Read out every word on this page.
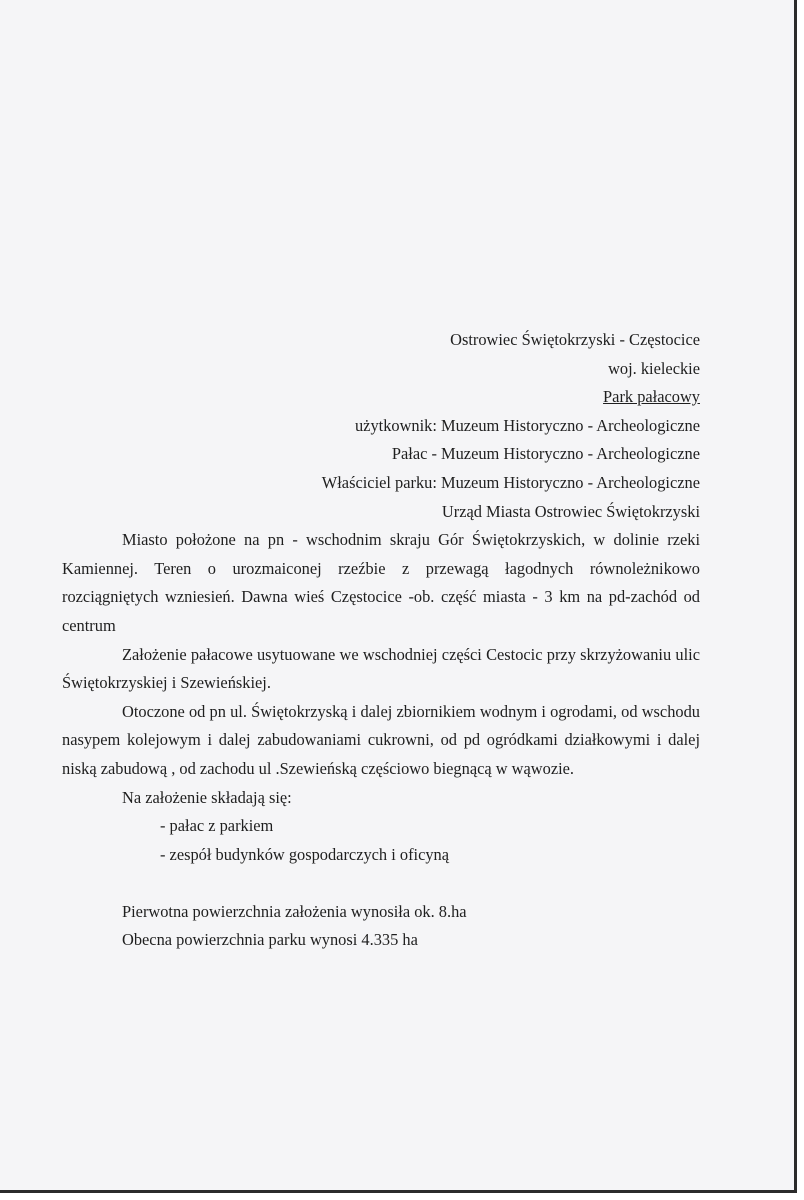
Ostrowiec Świętokrzyski - Częstocice
woj. kieleckie
Park pałacowy
użytkownik: Muzeum Historyczno - Archeologiczne
Pałac - Muzeum Historyczno - Archeologiczne
Właściciel parku: Muzeum Historyczno - Archeologiczne
Urząd Miasta Ostrowiec Świętokrzyski

Miasto położone na pn - wschodnim skraju Gór Świętokrzyskich, w dolinie rzeki Kamiennej. Teren o urozmaiconej rzeźbie z przewagą łagodnych równoleżnikowo rozciągniętych wzniesień. Dawna wieś Częstocice -ob. część miasta - 3 km na pd-zachód od centrum

Założenie pałacowe usytuowane we wschodniej części Cestocic przy skrzyżowaniu ulic Świętokrzyskiej i Szewieńskiej.

Otoczone od pn ul. Świętokrzyską i dalej zbiornikiem wodnym i ogrodami, od wschodu nasypem kolejowym i dalej zabudowaniami cukrowni, od pd ogródkami działkowymi i dalej niską zabudową , od zachodu ul .Szewieńską częściowo biegnącą w wąwozie.

Na założenie składają się:
- pałac z parkiem
- zespół budynków gospodarczych i oficyną
Pierwotna powierzchnia założenia wynosiła ok. 8.ha
Obecna powierzchnia parku wynosi 4.335 ha
